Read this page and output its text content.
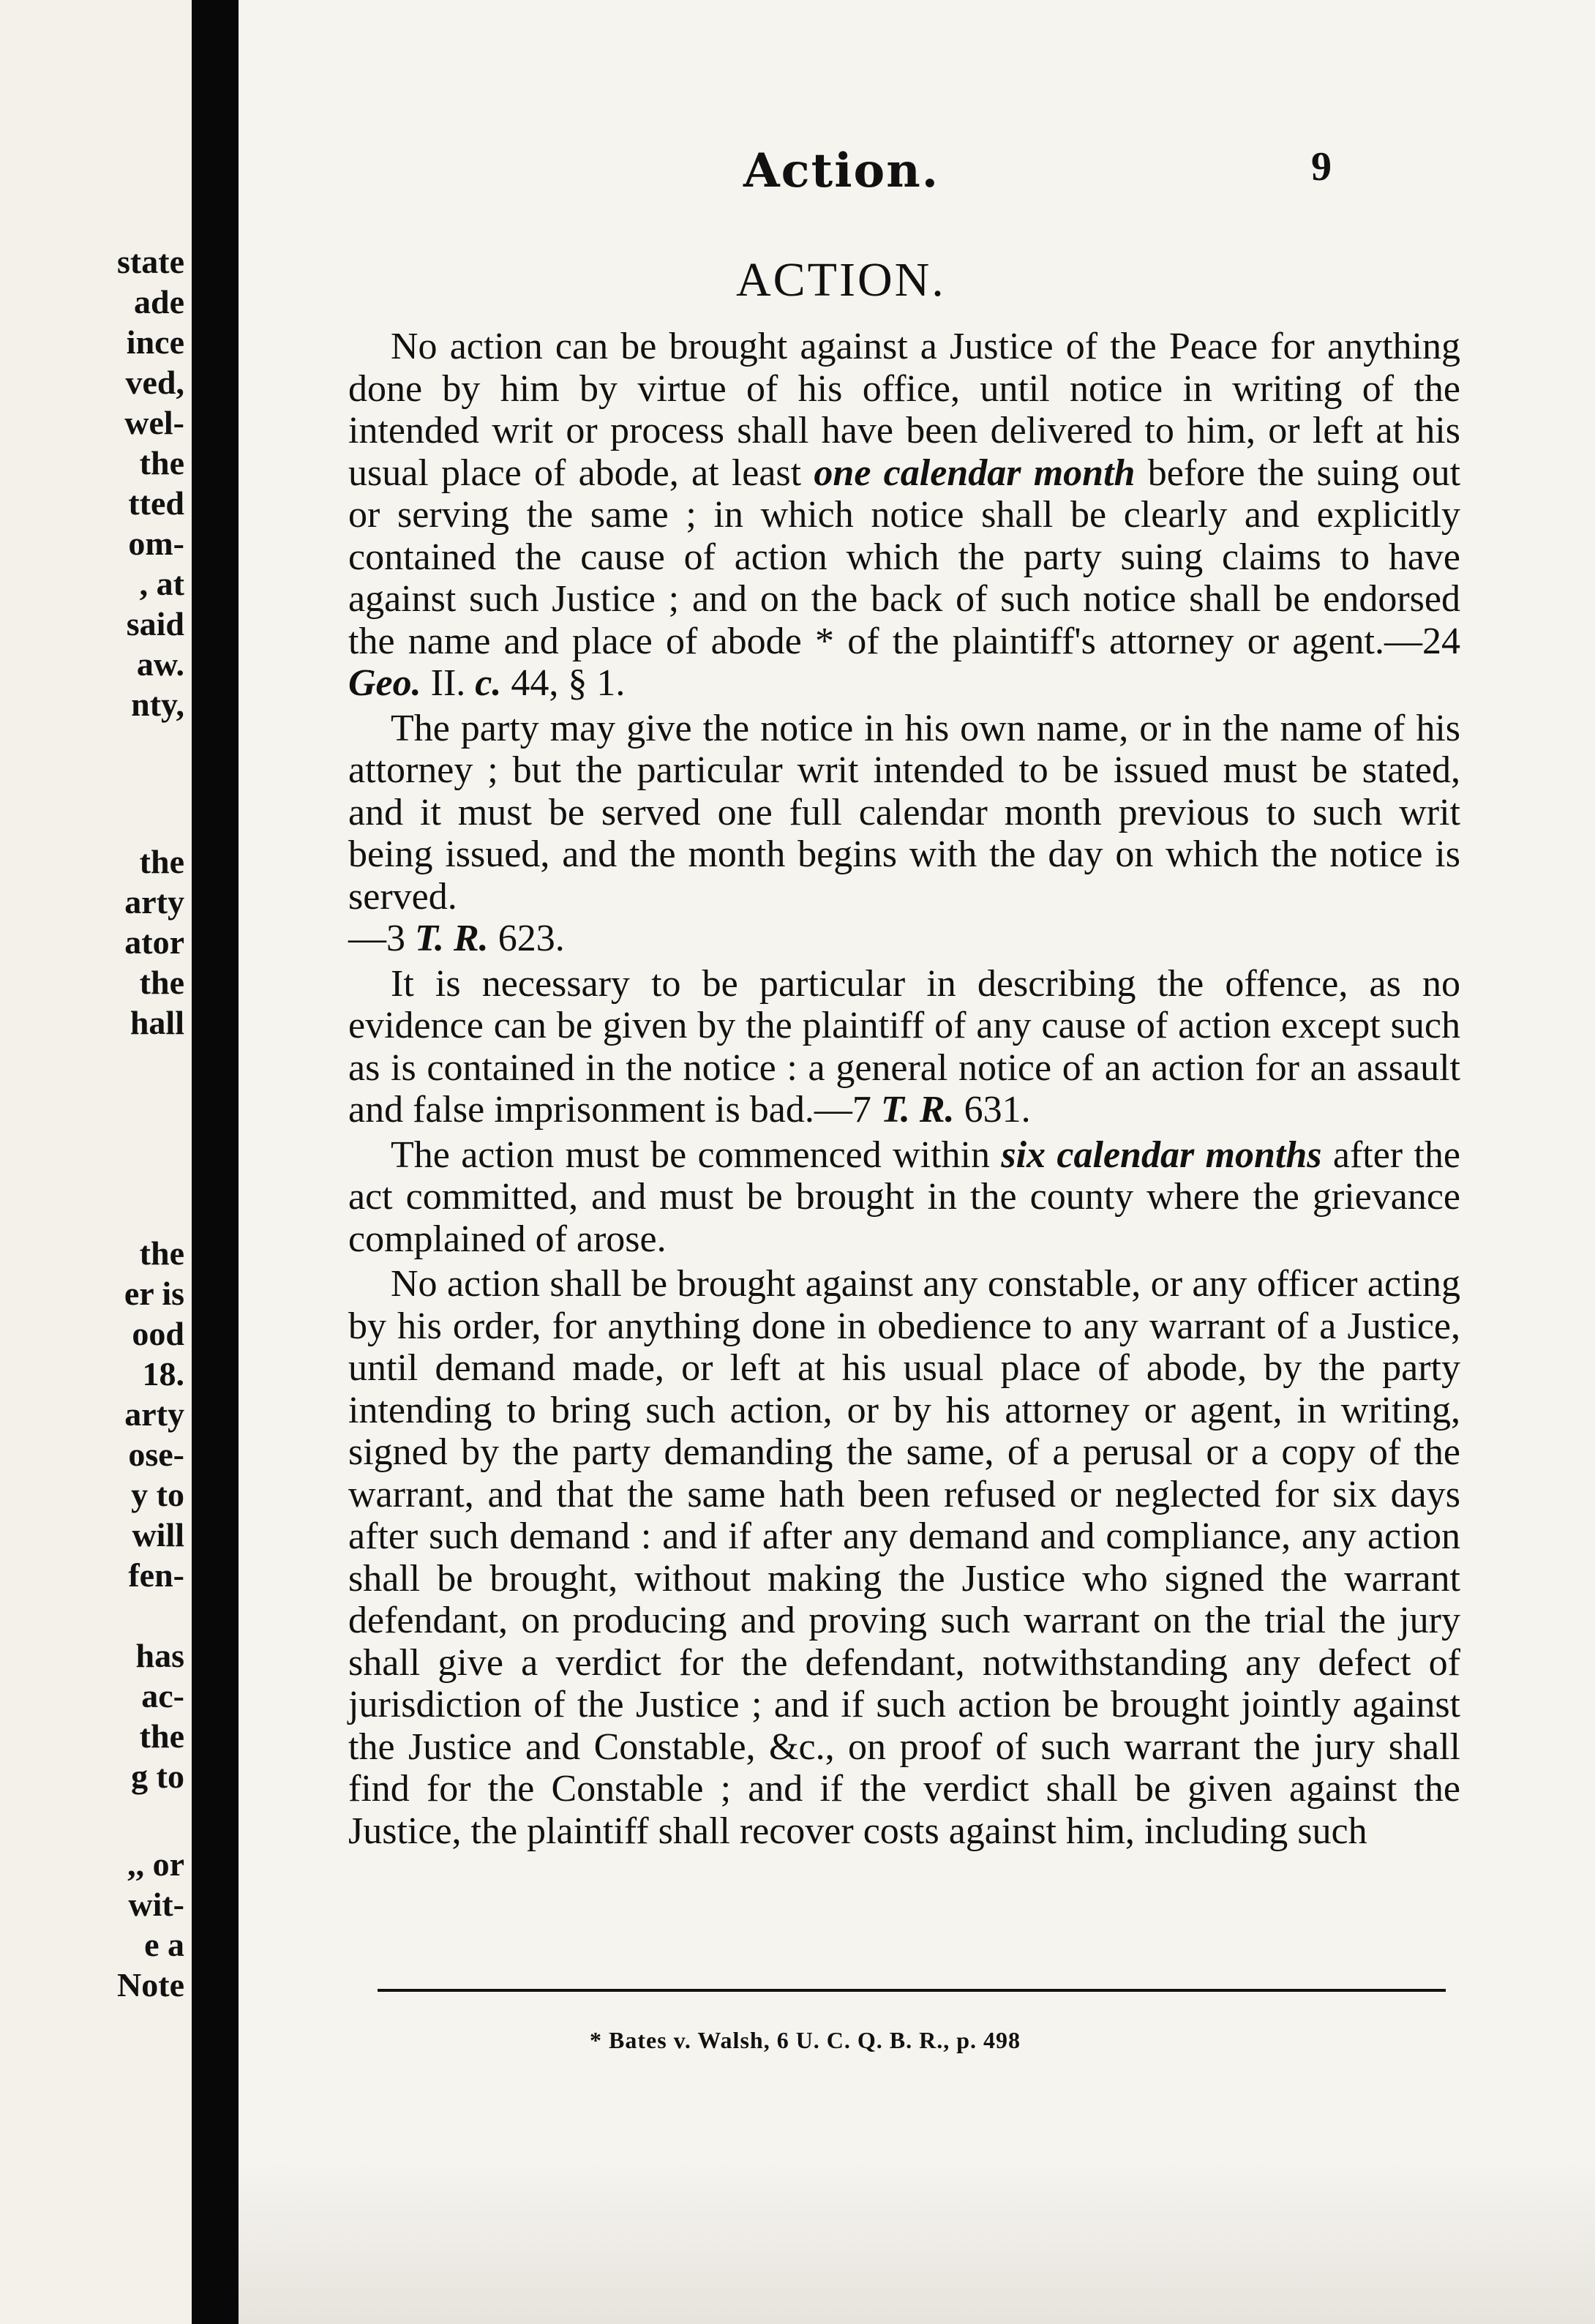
state
ade
ince
ved,
wel-
the
tted
om-
, at
said
aw.
nty,
the
arty
ator
the
hall
the
er is
ood
18.
arty
ose-
y to
will
fen-
has
ac-
the
g to
,, or
wit-
e a
Note
Action.	9
ACTION.

No action can be brought against a Justice of the Peace for anything done by him by virtue of his office, until notice in writing of the intended writ or process shall have been delivered to him, or left at his usual place of abode, at least one calendar month before the suing out or serving the same ; in which notice shall be clearly and explicitly contained the cause of action which the party suing claims to have against such Justice ; and on the back of such notice shall be endorsed the name and place of abode * of the plaintiff's attorney or agent.—24 Geo. II. c. 44, § 1.

The party may give the notice in his own name, or in the name of his attorney ; but the particular writ intended to be issued must be stated, and it must be served one full calendar month previous to such writ being issued, and the month begins with the day on which the notice is served.

—3 T. R. 623.

It is necessary to be particular in describing the offence, as no evidence can be given by the plaintiff of any cause of action except such as is contained in the notice : a general notice of an action for an assault and false imprisonment is bad.—7 T. R. 631.

The action must be commenced within six calendar months after the act committed, and must be brought in the county where the grievance complained of arose.

No action shall be brought against any constable, or any officer acting by his order, for anything done in obedience to any warrant of a Justice, until demand made, or left at his usual place of abode, by the party intending to bring such action, or by his attorney or agent, in writing, signed by the party demanding the same, of a perusal or a copy of the warrant, and that the same hath been refused or neglected for six days after such demand : and if after any demand and compliance, any action shall be brought, without making the Justice who signed the warrant defendant, on producing and proving such warrant on the trial the jury shall give a verdict for the defendant, notwithstanding any defect of jurisdiction of the Justice ; and if such action be brought jointly against the Justice and Constable, &c., on proof of such warrant the jury shall find for the Constable ; and if the verdict shall be given against the Justice, the plaintiff shall recover costs against him, including such

* Bates v. Walsh, 6 U. C. Q. B. R., p. 498
